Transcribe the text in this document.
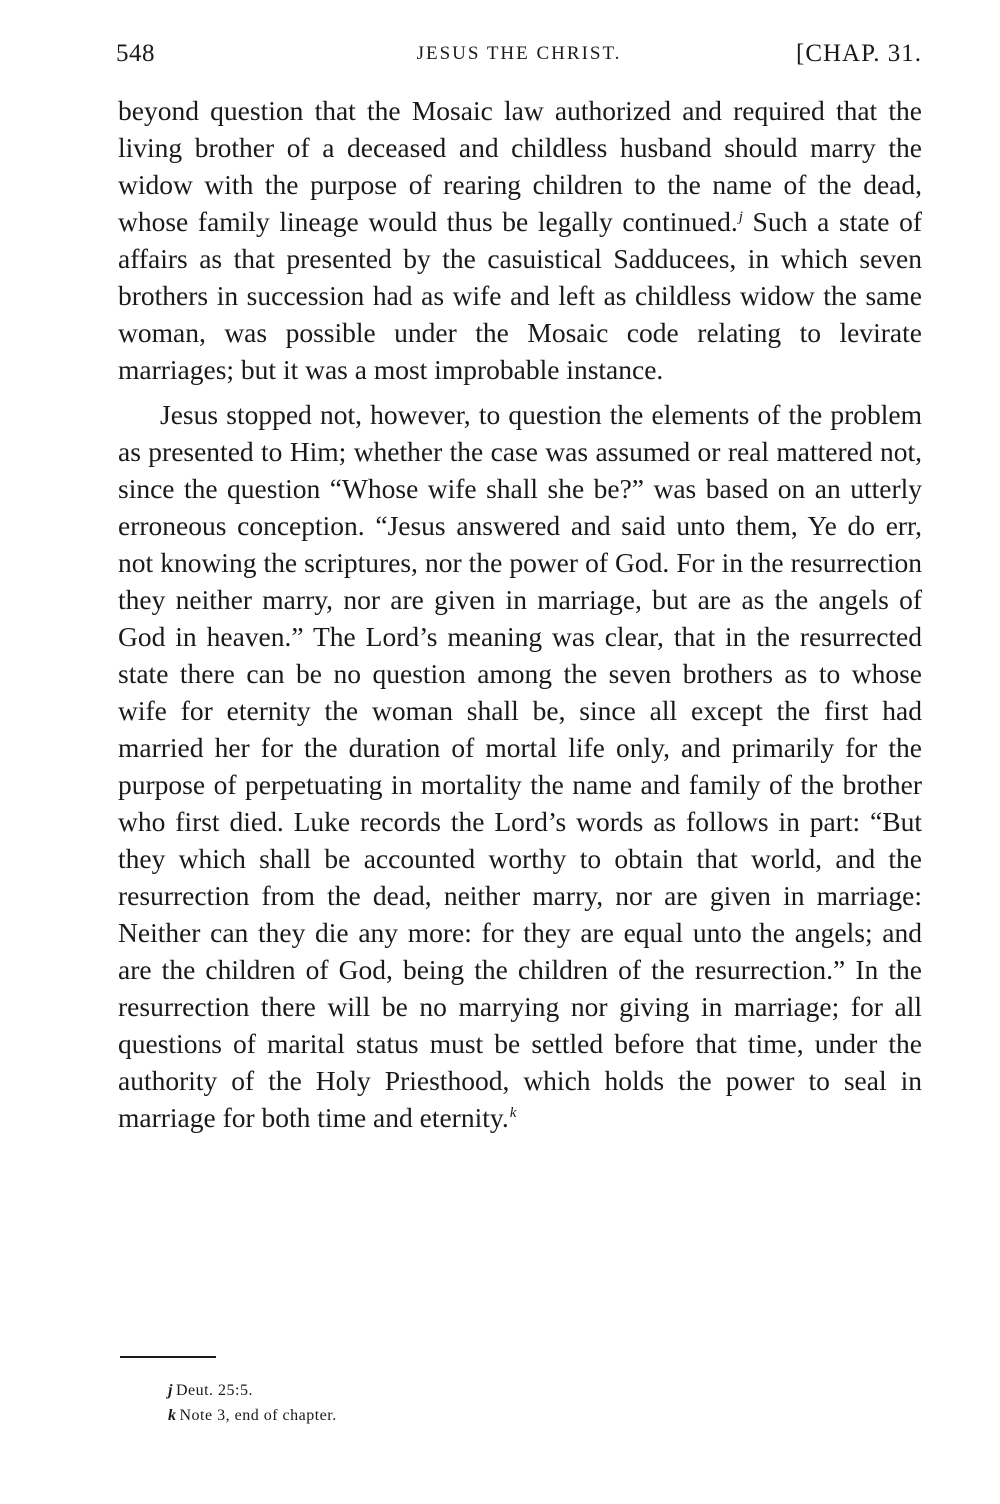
548	JESUS THE CHRIST.	[CHAP. 31.

beyond question that the Mosaic law authorized and required that the living brother of a deceased and childless husband should marry the widow with the purpose of rearing children to the name of the dead, whose family lineage would thus be legally continued.$^j$ Such a state of affairs as that presented by the casuistical Sadducees, in which seven brothers in succession had as wife and left as childless widow the same woman, was possible under the Mosaic code relating to levirate marriages; but it was a most improbable instance.

Jesus stopped not, however, to question the elements of the problem as presented to Him; whether the case was assumed or real mattered not, since the question “Whose wife shall she be?” was based on an utterly erroneous conception. “Jesus answered and said unto them, Ye do err, not knowing the scriptures, nor the power of God. For in the resurrection they neither marry, nor are given in marriage, but are as the angels of God in heaven.” The Lord’s meaning was clear, that in the resurrected state there can be no question among the seven brothers as to whose wife for eternity the woman shall be, since all except the first had married her for the duration of mortal life only, and primarily for the purpose of perpetuating in mortality the name and family of the brother who first died. Luke records the Lord’s words as follows in part: “But they which shall be accounted worthy to obtain that world, and the resurrection from the dead, neither marry, nor are given in marriage: Neither can they die any more: for they are equal unto the angels; and are the children of God, being the children of the resurrection.” In the resurrection there will be no marrying nor giving in marriage; for all questions of marital status must be settled before that time, under the authority of the Holy Priesthood, which holds the power to seal in marriage for both time and eternity.$^k$

j Deut. 25:5.
k Note 3, end of chapter.
